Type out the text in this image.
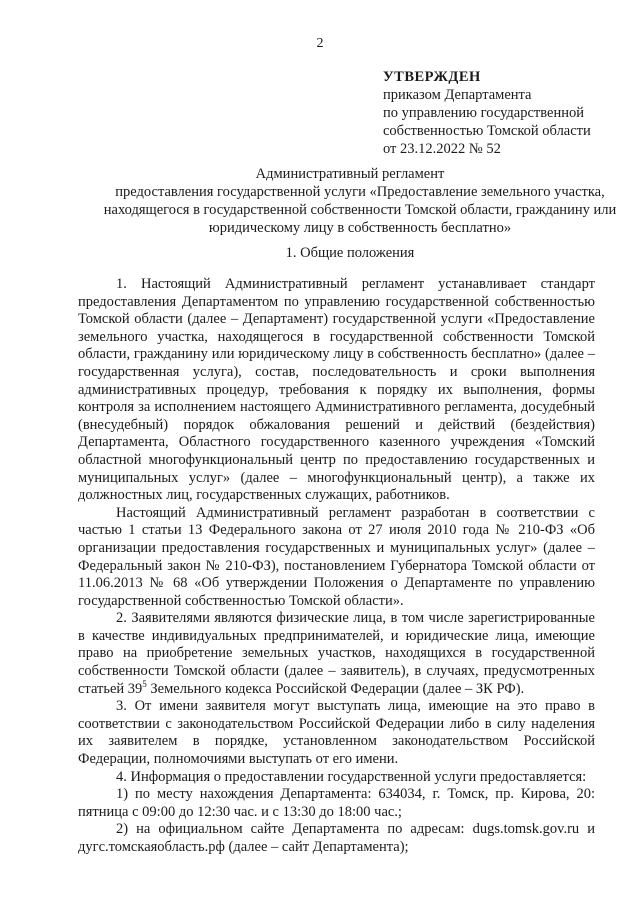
2
УТВЕРЖДЕН
приказом Департамента
по управлению государственной
собственностью Томской области
от 23.12.2022 № 52
Административный регламент
предоставления государственной услуги «Предоставление земельного участка, находящегося в государственной собственности Томской области, гражданину или юридическому лицу в собственность бесплатно»
1. Общие положения

1. Настоящий Административный регламент устанавливает стандарт предоставления Департаментом по управлению государственной собственностью Томской области (далее – Департамент) государственной услуги «Предоставление земельного участка, находящегося в государственной собственности Томской области, гражданину или юридическому лицу в собственность бесплатно» (далее – государственная услуга), состав, последовательность и сроки выполнения административных процедур, требования к порядку их выполнения, формы контроля за исполнением настоящего Административного регламента, досудебный (внесудебный) порядок обжалования решений и действий (бездействия) Департамента, Областного государственного казенного учреждения «Томский областной многофункциональный центр по предоставлению государственных и муниципальных услуг» (далее – многофункциональный центр), а также их должностных лиц, государственных служащих, работников.

Настоящий Административный регламент разработан в соответствии с частью 1 статьи 13 Федерального закона от 27 июля 2010 года № 210-ФЗ «Об организации предоставления государственных и муниципальных услуг» (далее – Федеральный закон № 210-ФЗ), постановлением Губернатора Томской области от 11.06.2013 № 68 «Об утверждении Положения о Департаменте по управлению государственной собственностью Томской области».

2. Заявителями являются физические лица, в том числе зарегистрированные в качестве индивидуальных предпринимателей, и юридические лица, имеющие право на приобретение земельных участков, находящихся в государственной собственности Томской области (далее – заявитель), в случаях, предусмотренных статьей $39^5$ Земельного кодекса Российской Федерации (далее – ЗК РФ).

3. От имени заявителя могут выступать лица, имеющие на это право в соответствии с законодательством Российской Федерации либо в силу наделения их заявителем в порядке, установленном законодательством Российской Федерации, полномочиями выступать от его имени.

4. Информация о предоставлении государственной услуги предоставляется:

1) по месту нахождения Департамента: 634034, г. Томск, пр. Кирова, 20: пятница с 09:00 до 12:30 час. и с 13:30 до 18:00 час.;

2) на официальном сайте Департамента по адресам: dugs.tomsk.gov.ru и дугс.томскаяобласть.рф (далее – сайт Департамента);
